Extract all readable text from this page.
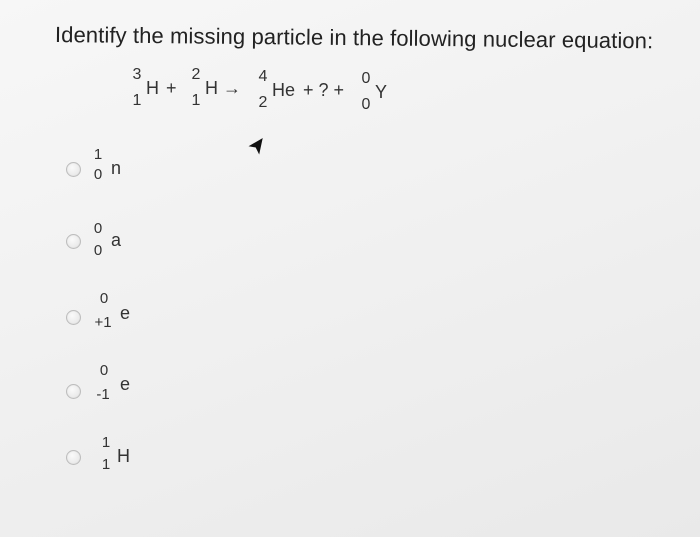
Identify the missing particle in the following nuclear equation:
3
1
H +
2
1
H →
4
2
He + ? +
0
0
Y
1
0 n
0
0
a
0
+1 e
0
-1
e
1
1 H
